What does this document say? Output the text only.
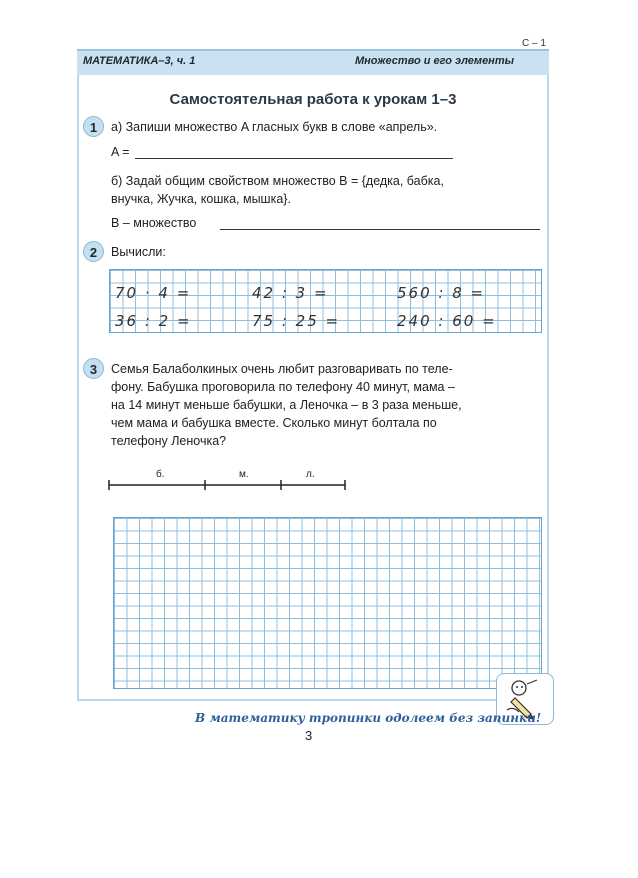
С – 1
МАТЕМАТИКА–3, ч. 1	Множество и его элементы
Самостоятельная работа к урокам 1–3
1	а) Запиши множество A гласных букв в слове «апрель».
A =
б) Задай общим свойством множество B = {дедка, бабка,
внучка, Жучка, кошка, мышка}.
B – множество
2	Вычисли:
70 · 4 =	42 : 3 =	560 : 8 =
36 : 2 =	75 : 25 =	240 : 60 =
3	Семья Балаболкиных очень любит разговаривать по теле-
фону. Бабушка проговорила по телефону 40 минут, мама –
на 14 минут меньше бабушки, а Леночка – в 3 раза меньше,
чем мама и бабушка вместе. Сколько минут болтала по
телефону Леночка?
б.	м.	л.
В математику тропинки одолеем без запинки!
3
